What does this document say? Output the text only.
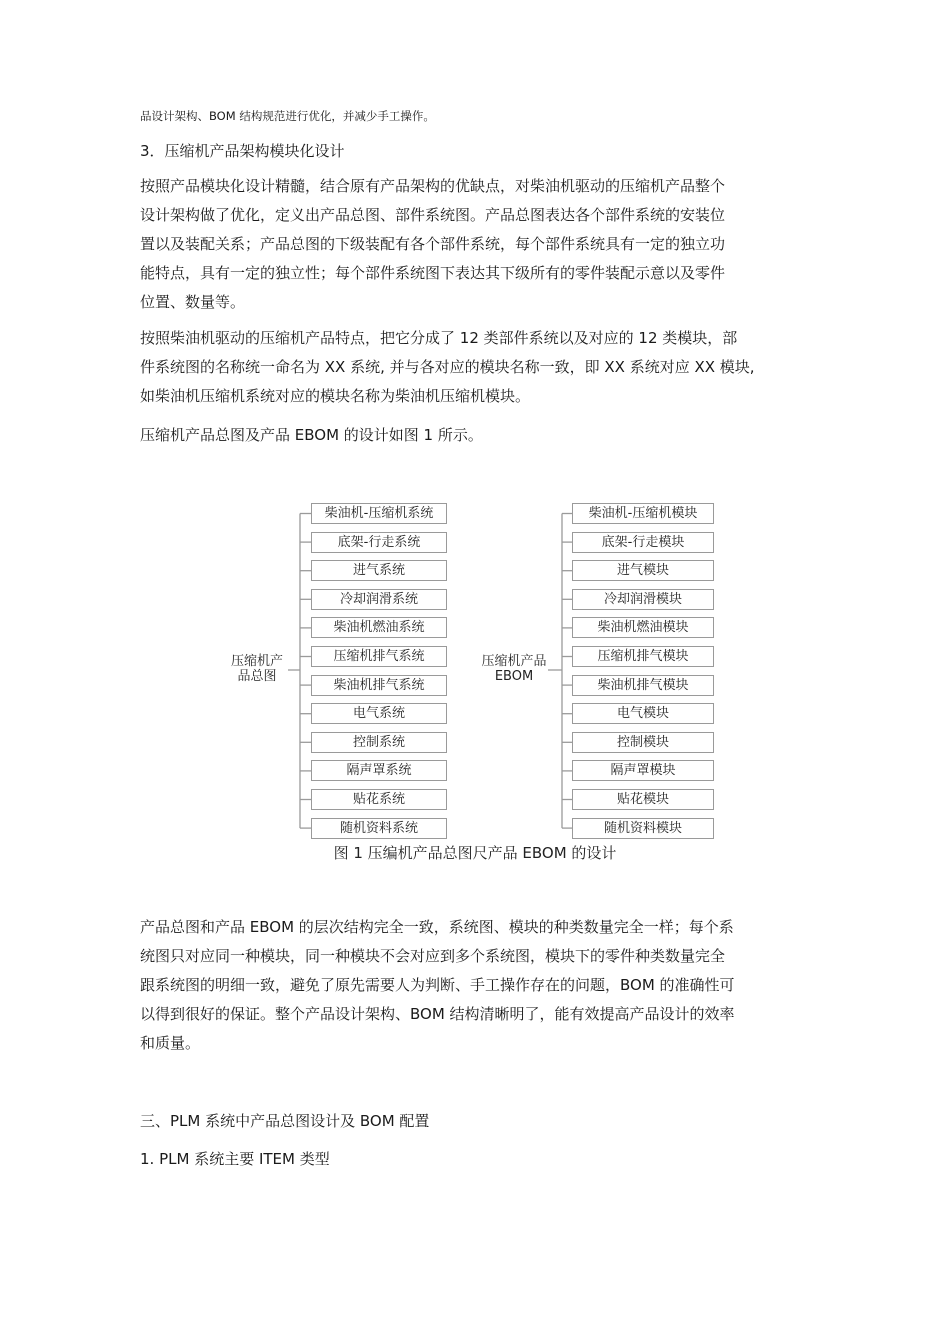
品设计架构、BOM 结构规范进行优化，并减少手工操作。
3．压缩机产品架构模块化设计
按照产品模块化设计精髓，结合原有产品架构的优缺点，对柴油机驱动的压缩机产品整个
设计架构做了优化，定义出产品总图、部件系统图。产品总图表达各个部件系统的安装位
置以及装配关系；产品总图的下级装配有各个部件系统，每个部件系统具有一定的独立功
能特点，具有一定的独立性；每个部件系统图下表达其下级所有的零件装配示意以及零件
位置、数量等。
按照柴油机驱动的压缩机产品特点，把它分成了 12 类部件系统以及对应的 12 类模块，部
件系统图的名称统一命名为 XX 系统, 并与各对应的模块名称一致，即 XX 系统对应 XX 模块,
如柴油机压缩机系统对应的模块名称为柴油机压缩机模块。
压缩机产品总图及产品 EBOM 的设计如图 1 所示。
压缩机产
品总图
压缩机产品
EBOM
柴油机-压缩机系统
底架-行走系统
进气系统
冷却润滑系统
柴油机燃油系统
压缩机排气系统
柴油机排气系统
电气系统
控制系统
隔声罩系统
贴花系统
随机资料系统
柴油机-压缩机模块
底架-行走模块
进气模块
冷却润滑模块
柴油机燃油模块
压缩机排气模块
柴油机排气模块
电气模块
控制模块
隔声罩模块
贴花模块
随机资料模块
图 1 压编机产品总图尺产品 EBOM 的设计
产品总图和产品 EBOM 的层次结构完全一致，系统图、模块的种类数量完全一样；每个系
统图只对应同一种模块，同一种模块不会对应到多个系统图，模块下的零件种类数量完全
跟系统图的明细一致，避免了原先需要人为判断、手工操作存在的问题，BOM 的准确性可
以得到很好的保证。整个产品设计架构、BOM 结构清晰明了，能有效提高产品设计的效率
和质量。
三、PLM 系统中产品总图设计及 BOM 配置
1. PLM 系统主要 ITEM 类型
